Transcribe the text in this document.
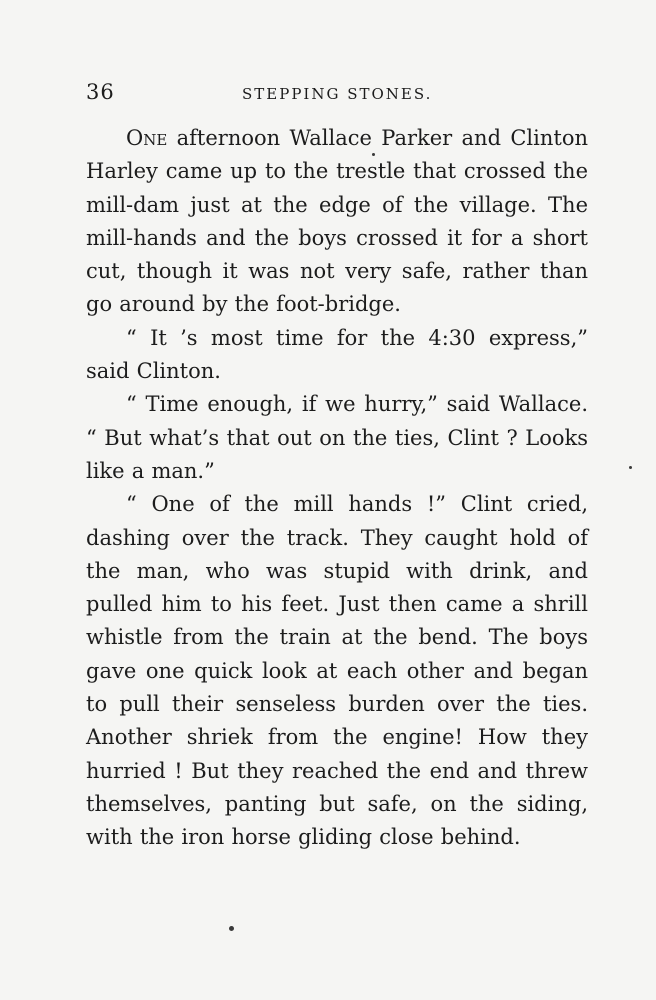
36	STEPPING STONES.

One afternoon Wallace Parker and Clinton Harley came up to the trestle that crossed the mill-dam just at the edge of the village. The mill-hands and the boys crossed it for a short cut, though it was not very safe, rather than go around by the foot-bridge.

“ It ’s most time for the 4:30 express,” said Clinton.

“ Time enough, if we hurry,” said Wallace. “ But what’s that out on the ties, Clint ? Looks like a man.”

“ One of the mill hands !” Clint cried, dashing over the track. They caught hold of the man, who was stupid with drink, and pulled him to his feet. Just then came a shrill whistle from the train at the bend. The boys gave one quick look at each other and began to pull their senseless burden over the ties. Another shriek from the engine! How they hurried ! But they reached the end and threw themselves, panting but safe, on the siding, with the iron horse gliding close behind.
